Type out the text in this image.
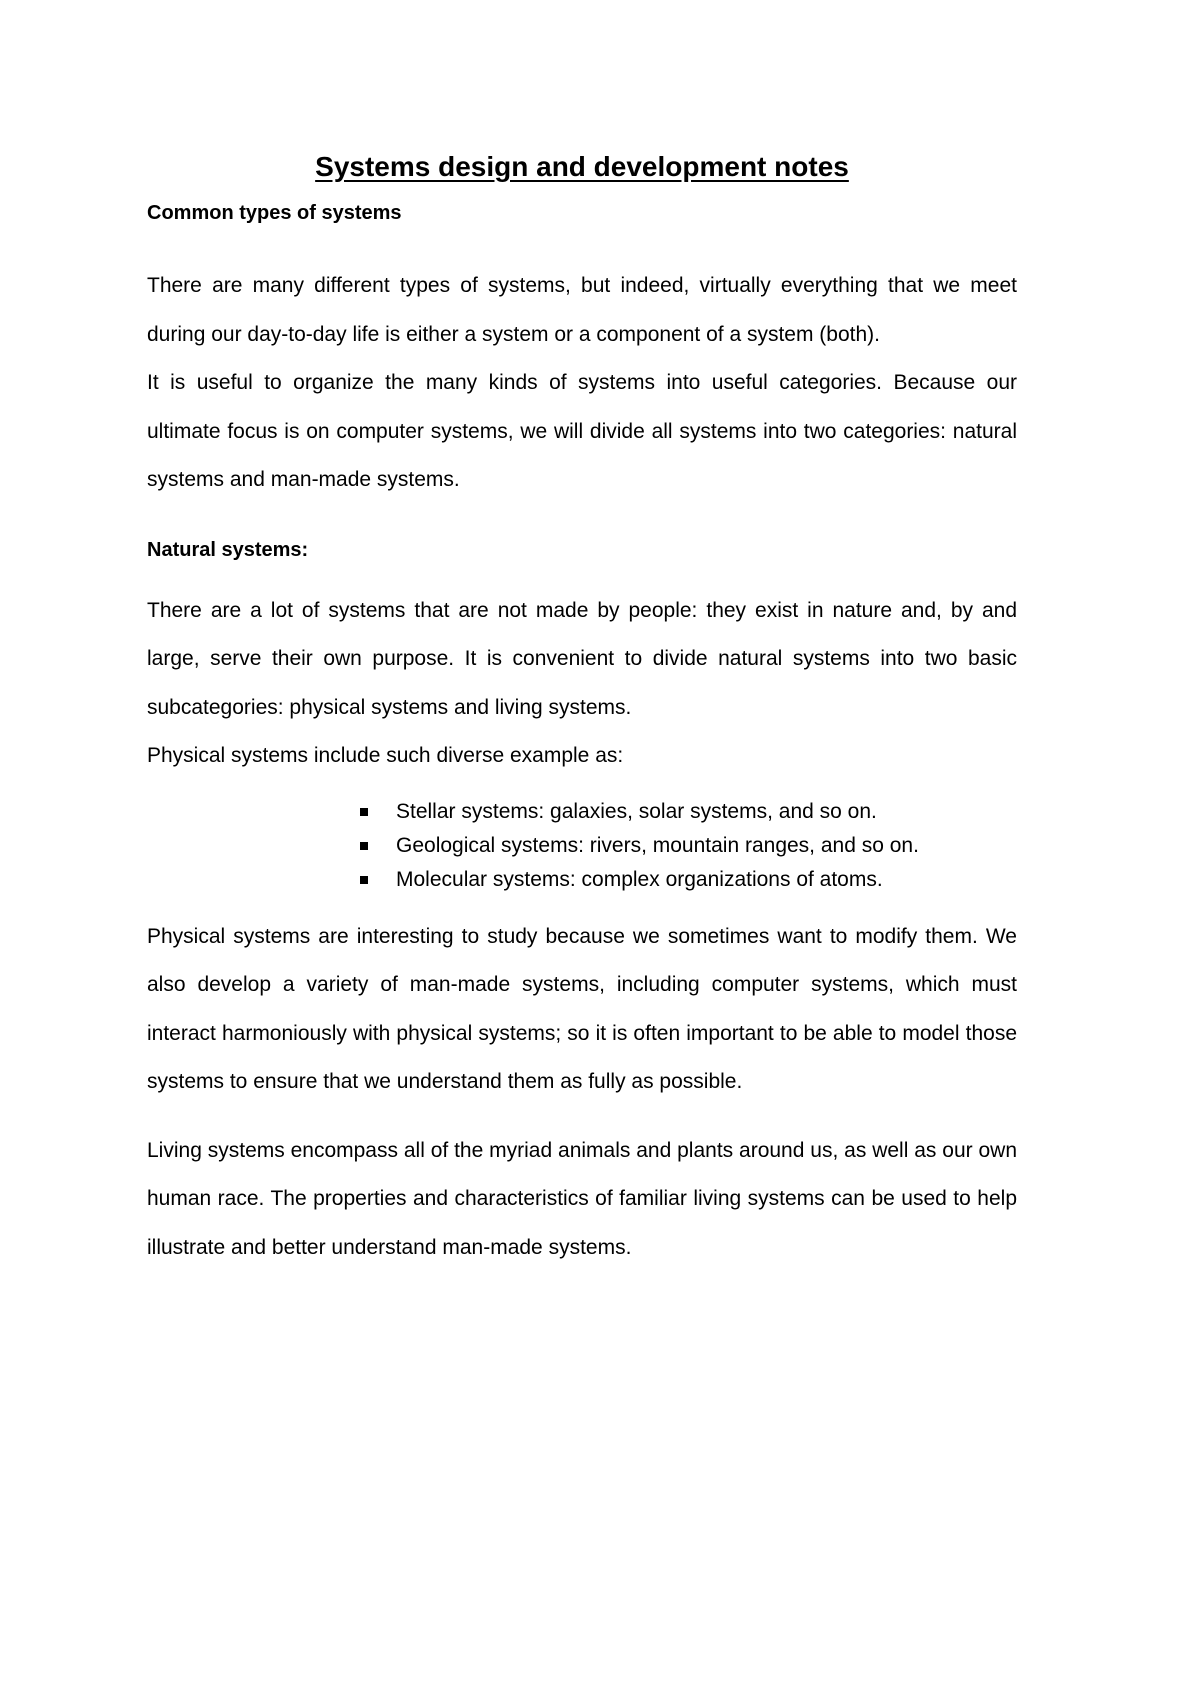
Systems design and development notes
Common types of systems

There are many different types of systems, but indeed, virtually everything that we meet during our day-to-day life is either a system or a component of a system (both).

It is useful to organize the many kinds of systems into useful categories. Because our ultimate focus is on computer systems, we will divide all systems into two categories: natural systems and man-made systems.

Natural systems:

There are a lot of systems that are not made by people: they exist in nature and, by and large, serve their own purpose. It is convenient to divide natural systems into two basic subcategories: physical systems and living systems.

Physical systems include such diverse example as:

Stellar systems: galaxies, solar systems, and so on.
Geological systems: rivers, mountain ranges, and so on.
Molecular systems: complex organizations of atoms.

Physical systems are interesting to study because we sometimes want to modify them. We also develop a variety of man-made systems, including computer systems, which must interact harmoniously with physical systems; so it is often important to be able to model those systems to ensure that we understand them as fully as possible.

Living systems encompass all of the myriad animals and plants around us, as well as our own human race. The properties and characteristics of familiar living systems can be used to help illustrate and better understand man-made systems.
